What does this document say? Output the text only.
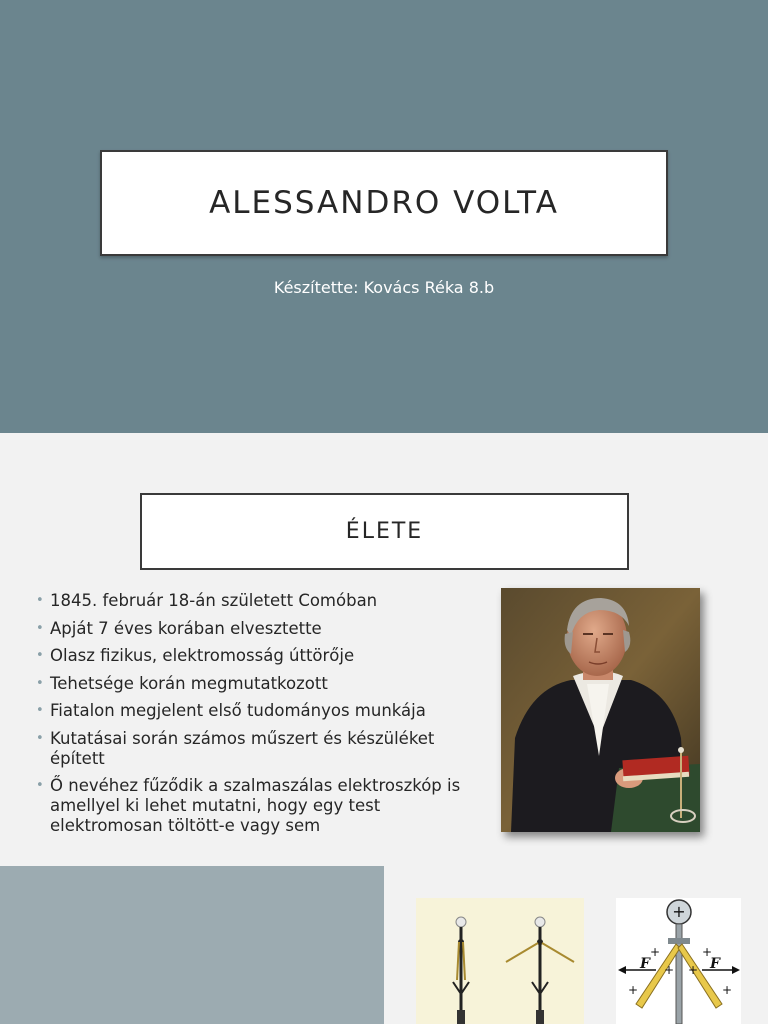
ALESSANDRO VOLTA
Készítette: Kovács Réka 8.b
ÉLETE
• 1845. február 18-án született Comóban
• Apját 7 éves korában elvesztette
• Olasz fizikus, elektromosság úttörője
• Tehetsége korán megmutatkozott
• Fiatalon megjelent első tudományos munkája
• Kutatásai során számos műszert és készüléket épített
• Ő nevéhez fűződik a szalmaszálas elektroszkóp is amellyel ki lehet mutatni, hogy egy test elektromosan töltött-e vagy sem
+
F	F
+	+
+ +
+	+
